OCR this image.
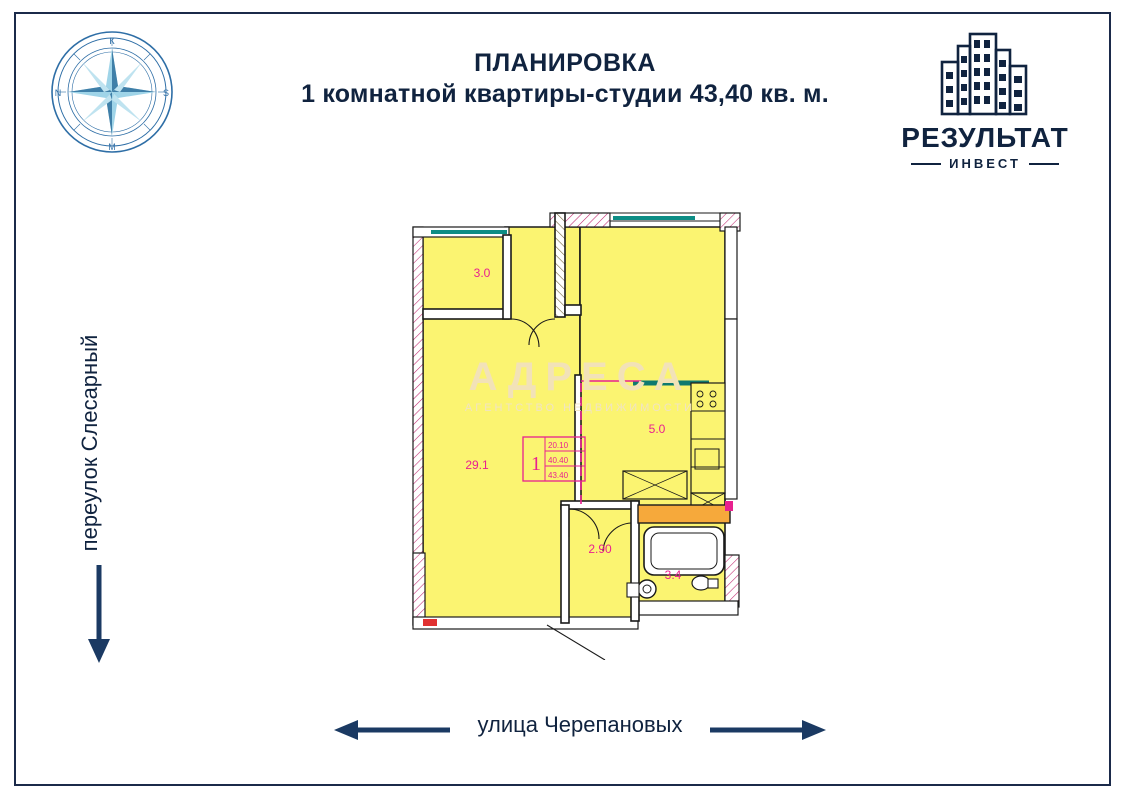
К
S
N
М
ПЛАНИРОВКА
1 комнатной квартиры-студии 43,40 кв. м.
РЕЗУЛЬТАТ
ИНВЕСТ
переулок Слесарный
улица Черепановых
1
20.10
40.40
43.40
3.0
29.1
5.0
2.90
3.4
АДРЕСА
АГЕНТСТВО НЕДВИЖИМОСТИ
